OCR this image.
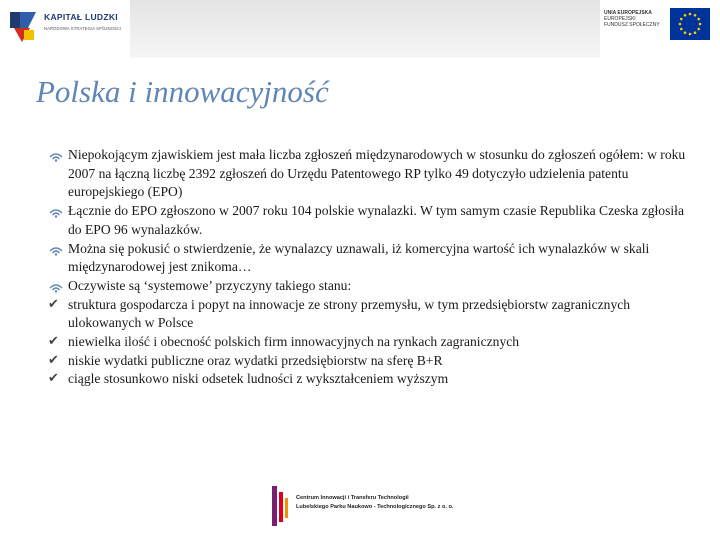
KAPITAŁ LUDZKI
NARODOWA STRATEGIA SPÓJNOŚCI
UNIA EUROPEJSKA
EUROPEJSKI
FUNDUSZ SPOŁECZNY
Polska i innowacyjność
Niepokojącym zjawiskiem jest mała liczba zgłoszeń międzynarodowych w stosunku do zgłoszeń ogółem: w roku 2007 na łączną liczbę 2392 zgłoszeń do Urzędu Patentowego RP tylko 49 dotyczyło udzielenia patentu europejskiego (EPO)
Łącznie do EPO zgłoszono w 2007 roku 104 polskie wynalazki. W tym samym czasie Republika Czeska zgłosiła do EPO 96 wynalazków.
Można się pokusić o stwierdzenie, że wynalazcy uznawali, iż komercyjna wartość ich wynalazków w skali międzynarodowej jest znikoma…
Oczywiste są ‘systemowe’ przyczyny takiego stanu:
✔ struktura gospodarcza i popyt na innowacje ze strony przemysłu, w tym przedsiębiorstw zagranicznych ulokowanych w Polsce
✔ niewielka ilość i obecność polskich firm innowacyjnych na rynkach zagranicznych
✔ niskie wydatki publiczne oraz wydatki przedsiębiorstw na sferę B+R
✔ ciągle stosunkowo niski odsetek ludności z wykształceniem wyższym
Centrum Innowacji i Transferu Technologii
Lubelskiego Parku Naukowo - Technologicznego Sp. z o. o.
